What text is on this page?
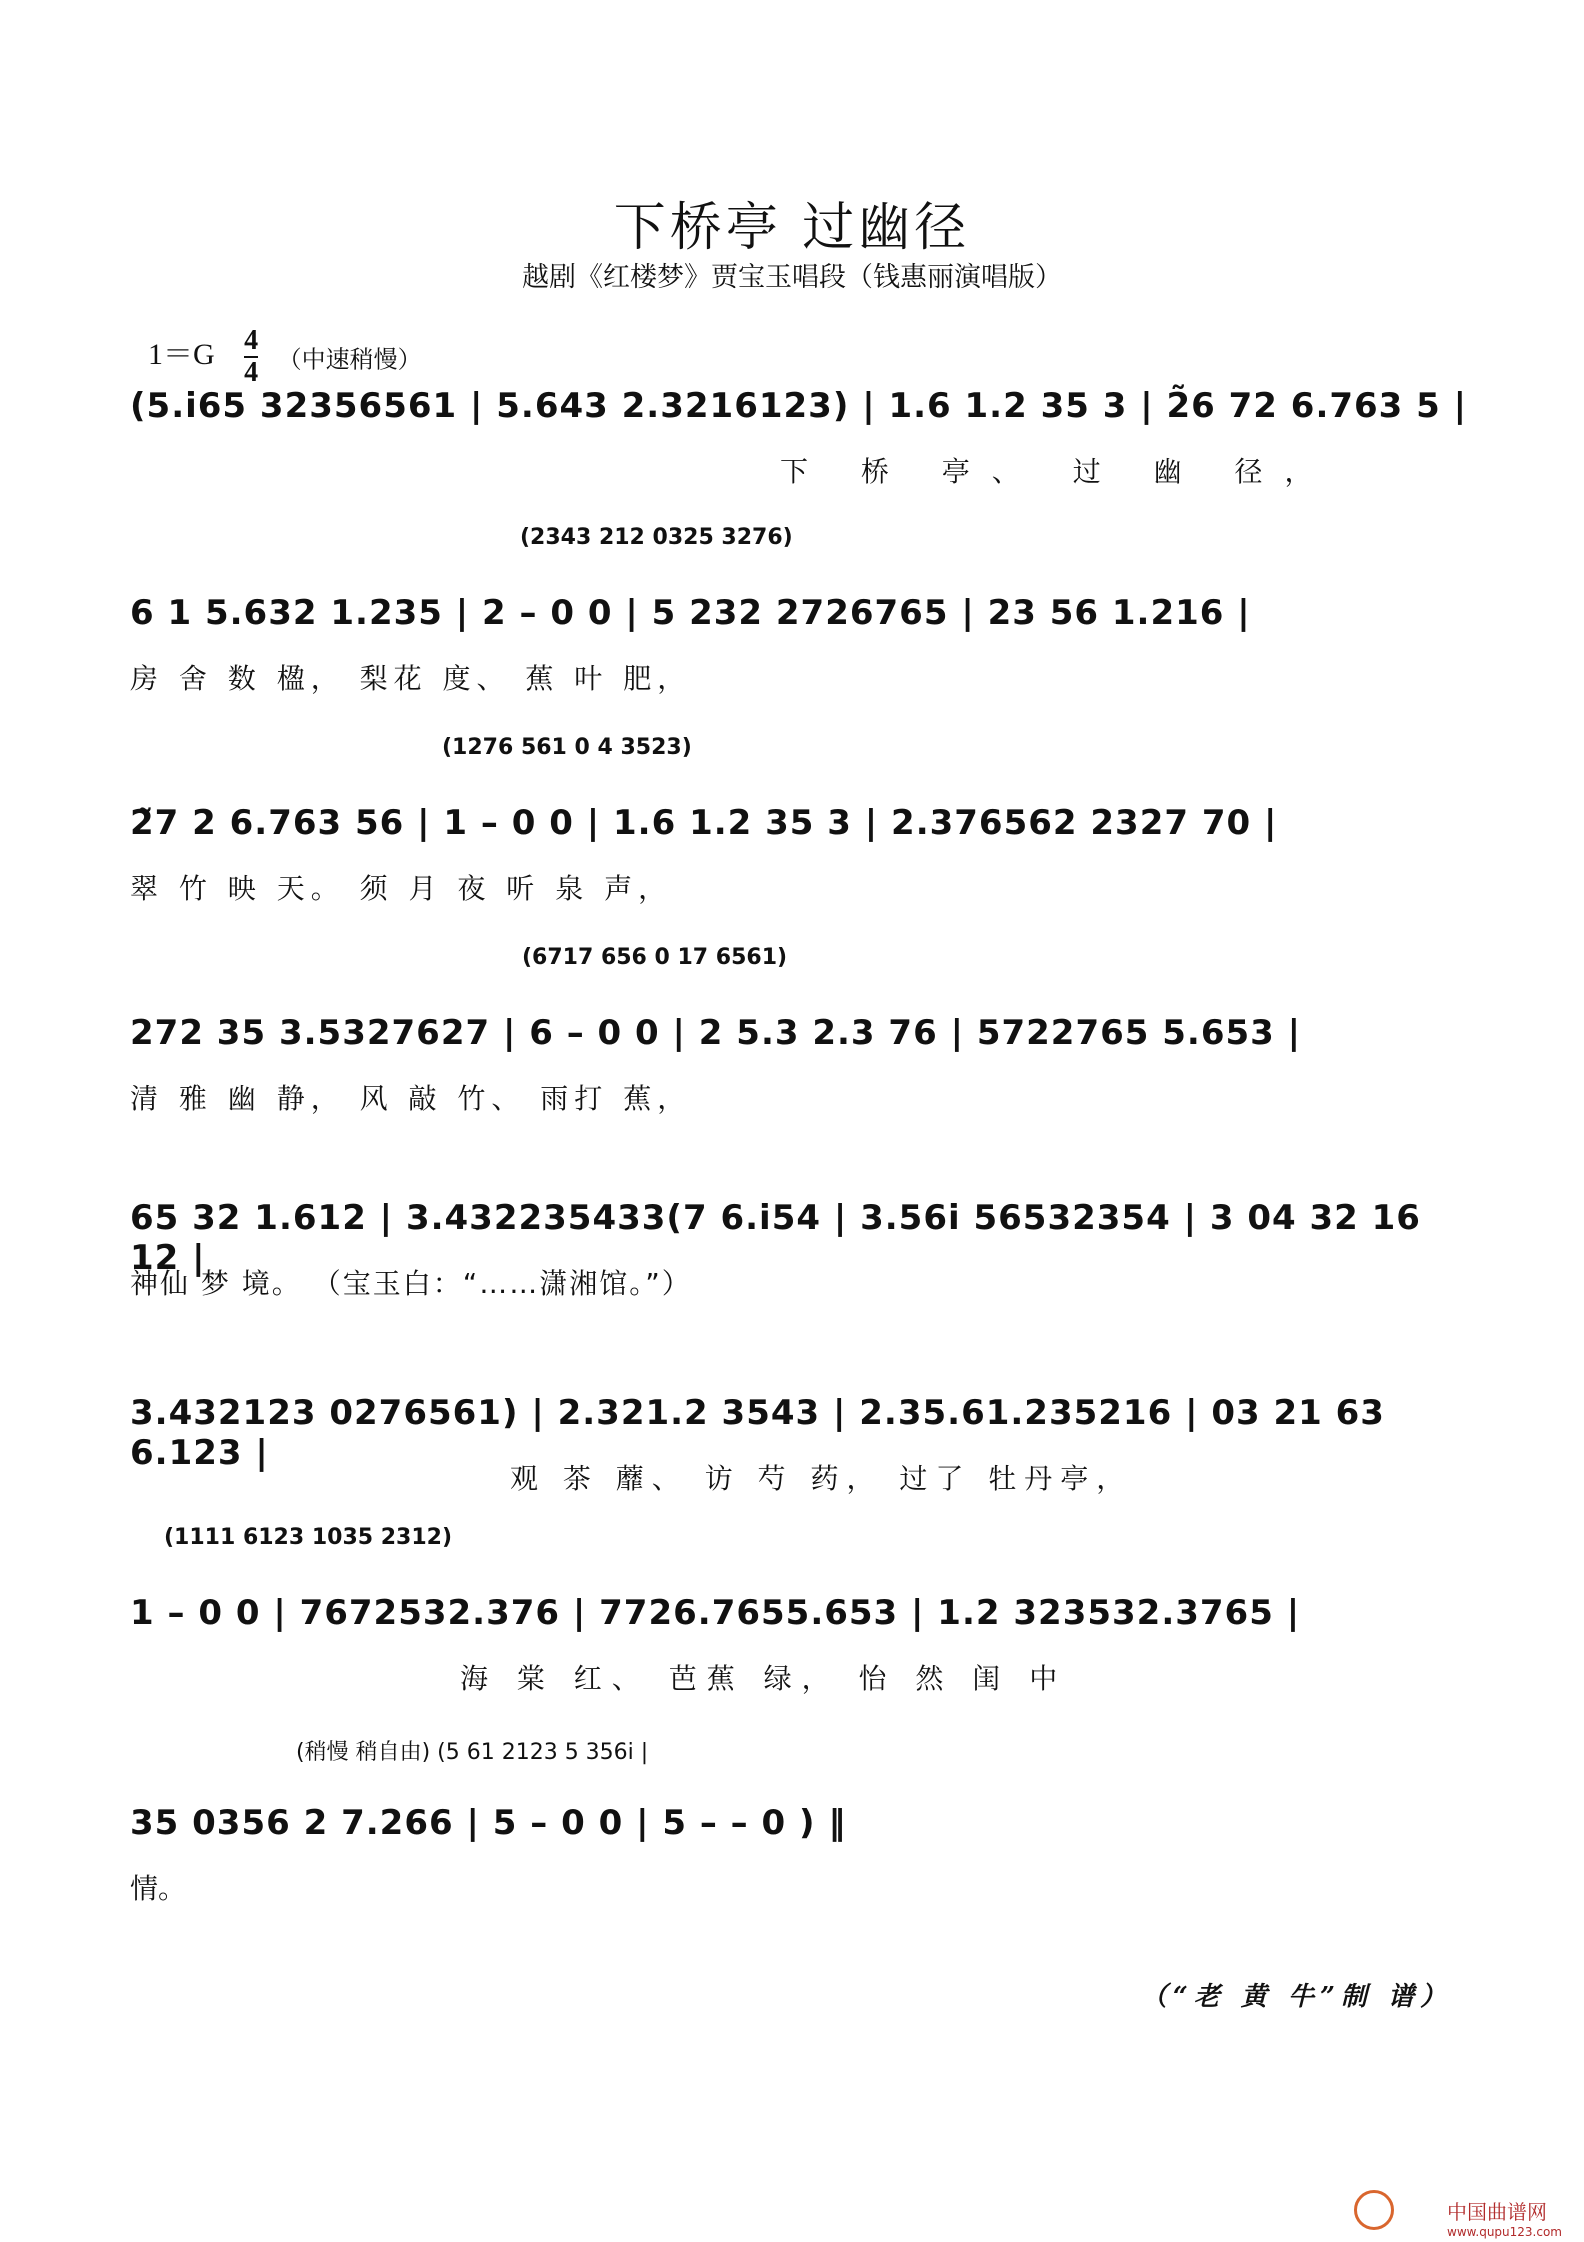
下桥亭 过幽径
越剧《红楼梦》贾宝玉唱段（钱惠丽演唱版）
$1=G \frac{4}{4}$ （中速稍慢）
(5.i65 32356561 | 5.643 2.3216123) | 1.6 1.2 35 3 | 2̃6 72 6.763 5 |
下 桥 亭、 过 幽 径，
(2343 212 0325 3276)
6 1 5.632 1.235 | 2 – 0 0 | 5 232 2726765 | 23 56 1.216 |
房 舍 数 楹， 梨花 度、 蕉 叶 肥，
(1276 561 0 4 3523)
2̃7 2 6.763 56 | 1 – 0 0 | 1.6 1.2 35 3 | 2.376562 2327 70 |
翠 竹 映 天。 须 月 夜 听 泉 声，
(6717 656 0 17 6561)
272 35 3.5327627 | 6 – 0 0 | 2 5.3 2.3 76 | 5722765 5.653 |
清 雅 幽 静， 风 敲 竹、 雨打 蕉，
65 32 1.612 | 3.432235433(7 6.i54 | 3.56i 56532354 | 3 04 32 16 12 |
神仙 梦 境。 （宝玉白：“……潇湘馆。”）
3.432123 0276561) | 2.321.2 3543 | 2.35.61.235216 | 03 21 63 6.123 |
观 茶 蘼、 访 芍 药， 过了 牡丹亭，
(1111 6123 1035 2312)
1 – 0 0 | 7672532.376 | 7726.7655.653 | 1.2 323532.3765 |
海 棠 红、 芭蕉 绿， 怡 然 闺 中
(稍慢 稍自由) (5 61 2123 5 356i |
35 0356 2 7.266 | 5 – 0 0 | 5 – – 0 ) ‖
情。
（“老 黄 牛”制 谱）
中国曲谱网
www.qupu123.com
